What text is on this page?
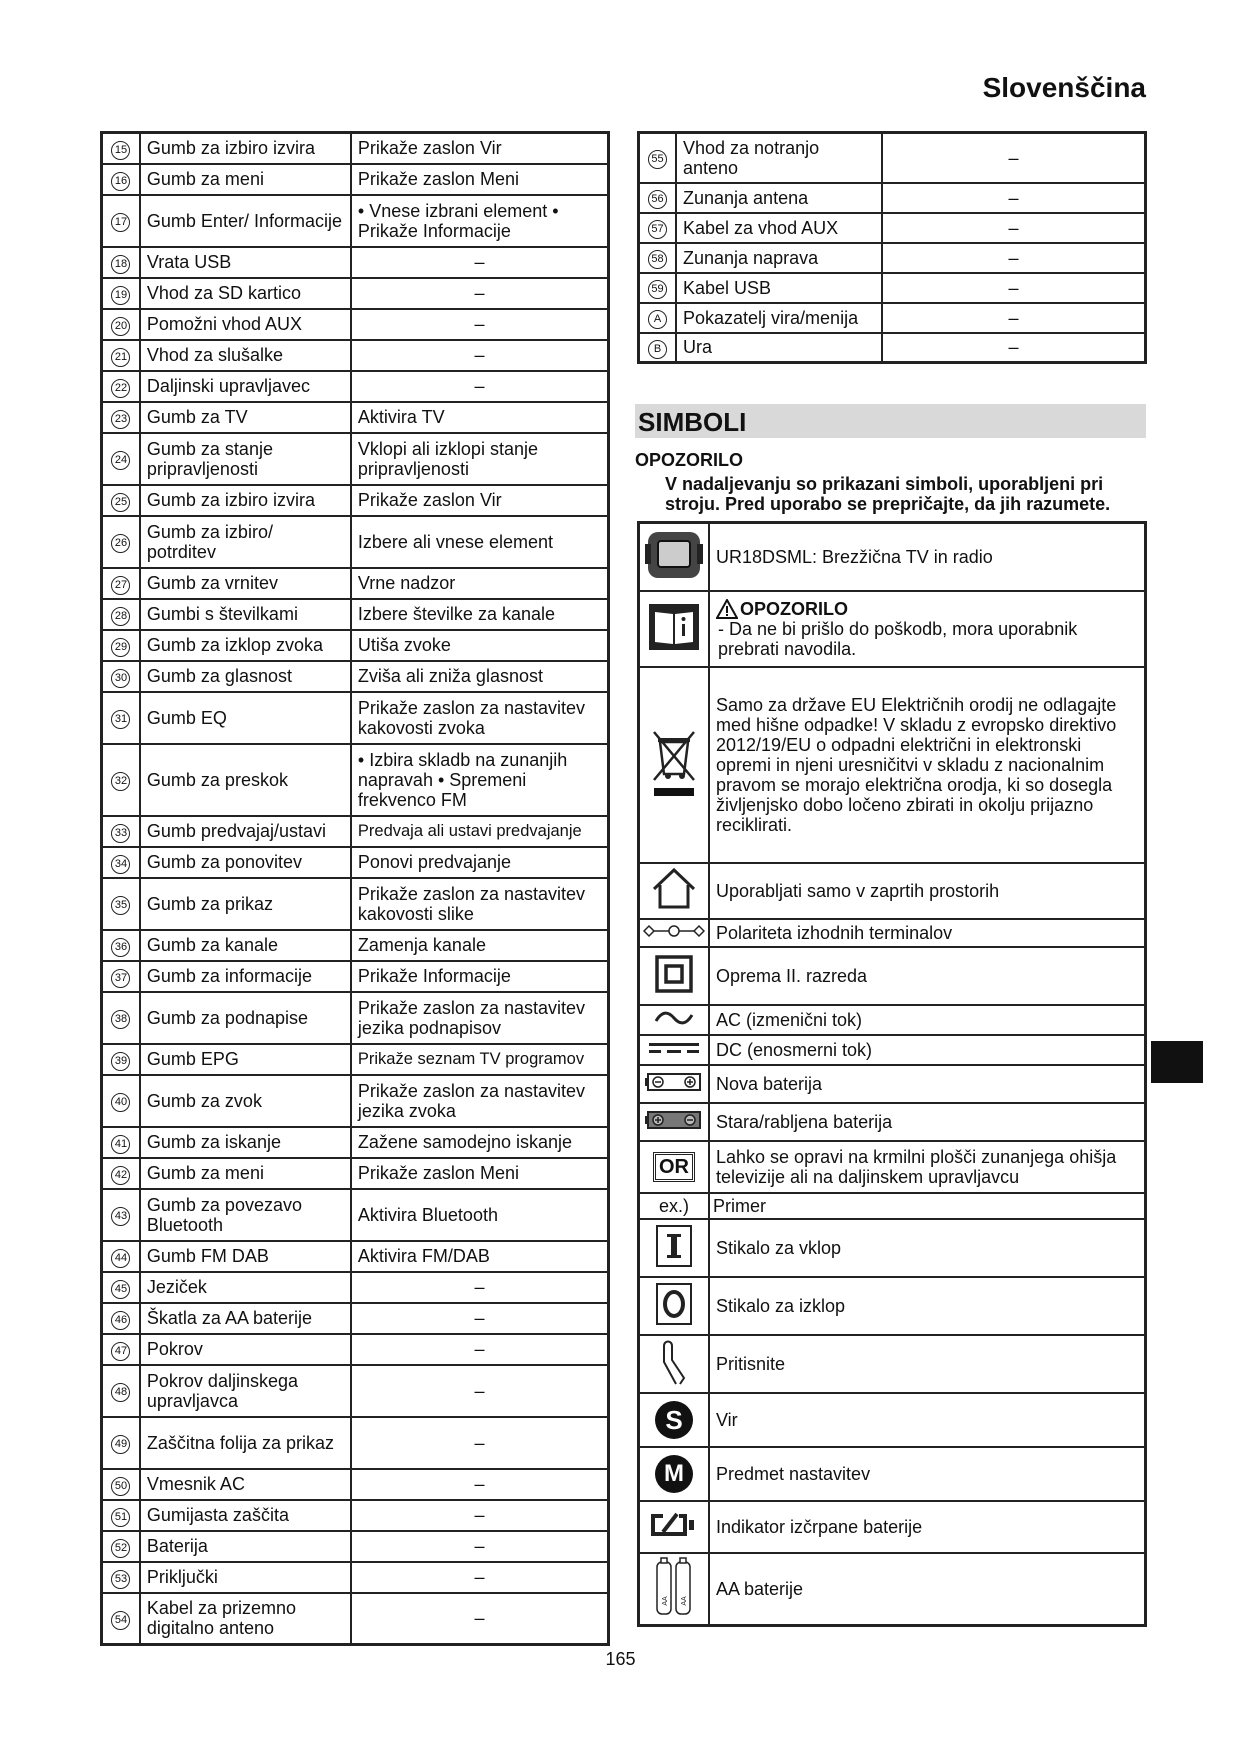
Slovenščina
15	Gumb za izbiro izvira	Prikaže zaslon Vir
16	Gumb za meni	Prikaže zaslon Meni
17	Gumb Enter/ Informacije	• Vnese izbrani element • Prikaže Informacije
18	Vrata USB	–
19	Vhod za SD kartico	–
20	Pomožni vhod AUX	–
21	Vhod za slušalke	–
22	Daljinski upravljavec	–
23	Gumb za TV	Aktivira TV
24	Gumb za stanje pripravljenosti	Vklopi ali izklopi stanje pripravljenosti
25	Gumb za izbiro izvira	Prikaže zaslon Vir
26	Gumb za izbiro/ potrditev	Izbere ali vnese element
27	Gumb za vrnitev	Vrne nadzor
28	Gumbi s številkami	Izbere številke za kanale
29	Gumb za izklop zvoka	Utiša zvoke
30	Gumb za glasnost	Zviša ali zniža glasnost
31	Gumb EQ	Prikaže zaslon za nastavitev kakovosti zvoka
32	Gumb za preskok	• Izbira skladb na zunanjih napravah • Spremeni frekvenco FM
33	Gumb predvajaj/ustavi	Predvaja ali ustavi predvajanje
34	Gumb za ponovitev	Ponovi predvajanje
35	Gumb za prikaz	Prikaže zaslon za nastavitev kakovosti slike
36	Gumb za kanale	Zamenja kanale
37	Gumb za informacije	Prikaže Informacije
38	Gumb za podnapise	Prikaže zaslon za nastavitev jezika podnapisov
39	Gumb EPG	Prikaže seznam TV programov
40	Gumb za zvok	Prikaže zaslon za nastavitev jezika zvoka
41	Gumb za iskanje	Zažene samodejno iskanje
42	Gumb za meni	Prikaže zaslon Meni
43	Gumb za povezavo Bluetooth	Aktivira Bluetooth
44	Gumb FM DAB	Aktivira FM/DAB
45	Jeziček	–
46	Škatla za AA baterije	–
47	Pokrov	–
48	Pokrov daljinskega upravljavca	–
49	Zaščitna folija za prikaz	–
50	Vmesnik AC	–
51	Gumijasta zaščita	–
52	Baterija	–
53	Priključki	–
54	Kabel za prizemno digitalno anteno	–
55	Vhod za notranjo anteno	–
56	Zunanja antena	–
57	Kabel za vhod AUX	–
58	Zunanja naprava	–
59	Kabel USB	–
A	Pokazatelj vira/menija	–
B	Ura	–
SIMBOLI
OPOZORILO
V nadaljevanju so prikazani simboli, uporabljeni pri stroju. Pred uporabo se prepričajte, da jih razumete.
	UR18DSML: Brezžična TV in radio

OPOZORILO
- Da ne bi prišlo do poškodb, mora uporabnik prebrati navodila.

	Samo za države EU Električnih orodij ne odlagajte med hišne odpadke! V skladu z evropsko direktivo 2012/19/EU o odpadni električni in elektronski opremi in njeni uresničitvi v skladu z nacionalnim pravom se morajo električna orodja, ki so dosegla življenjsko dobo ločeno zbirati in okolju prijazno reciklirati.
	Uporabljati samo v zaprtih prostorih
	Polariteta izhodnih terminalov
	Oprema II. razreda
	AC (izmenični tok)
	DC (enosmerni tok)
	Nova baterija
	Stara/rabljena baterija
OR	Lahko se opravi na krmilni plošči zunanjega ohišja televizije ali na daljinskem upravljavcu
ex.)	Primer
	Stikalo za vklop
	Stikalo za izklop
	Pritisnite
S	Vir
M	Predmet nastavitev
	Indikator izčrpane baterije

AA AA	AA baterije
165
